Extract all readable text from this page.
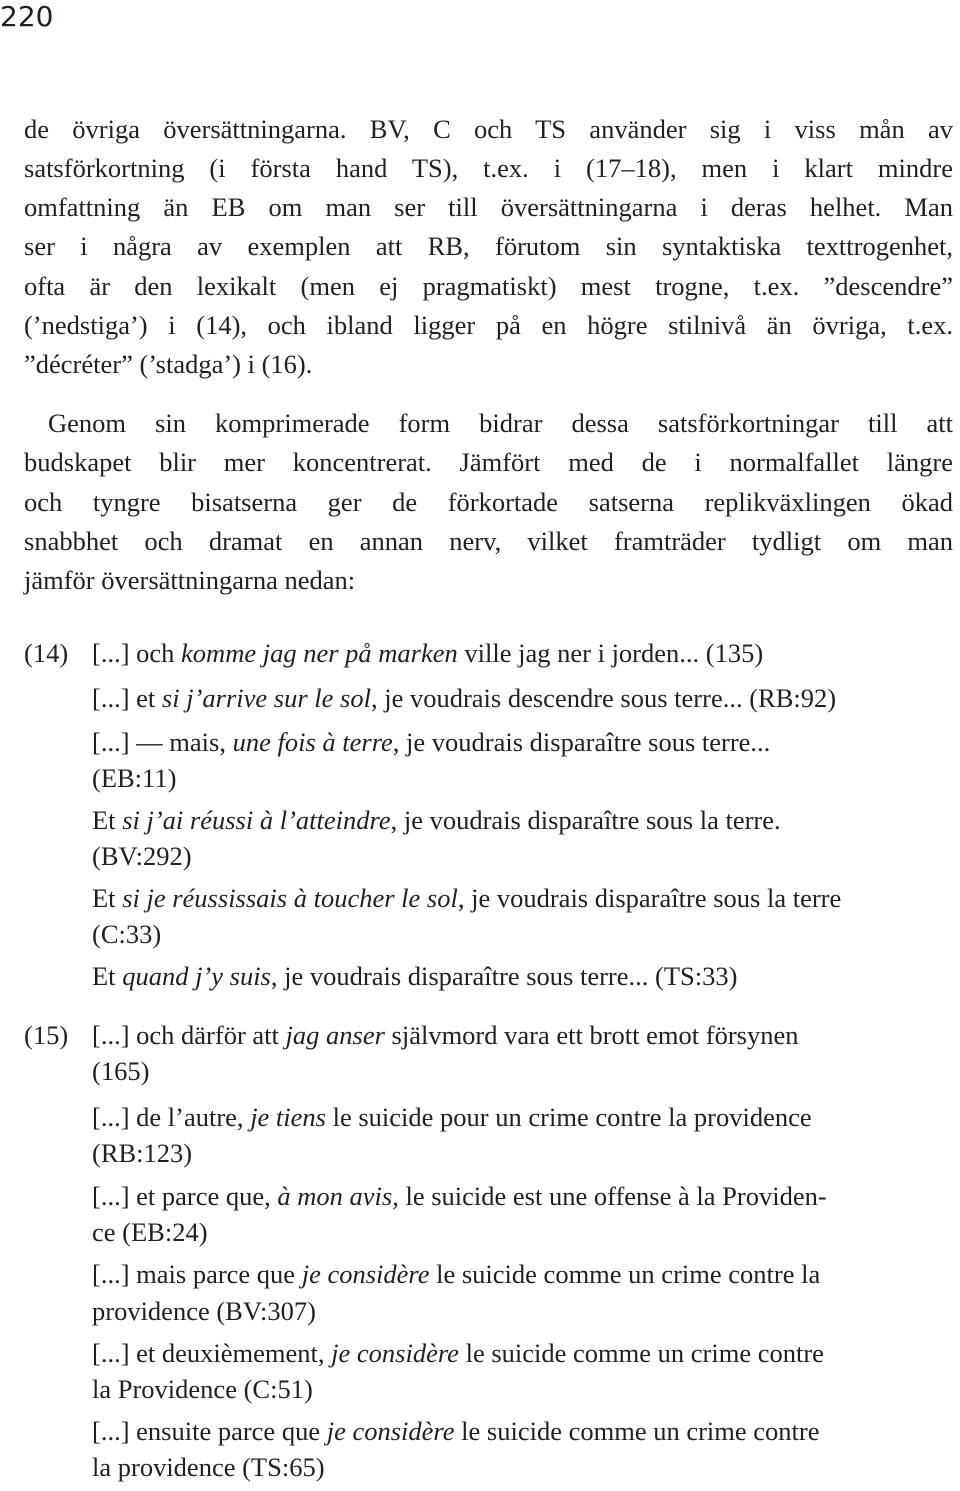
220
de övriga översättningarna. BV, C och TS använder sig i viss mån av
satsförkortning (i första hand TS), t.ex. i (17–18), men i klart mindre
omfattning än EB om man ser till översättningarna i deras helhet. Man
ser i några av exemplen att RB, förutom sin syntaktiska texttrogenhet,
ofta är den lexikalt (men ej pragmatiskt) mest trogne, t.ex. ”descendre”
(’nedstiga’) i (14), och ibland ligger på en högre stilnivå än övriga, t.ex.
”décréter” (’stadga’) i (16).
Genom sin komprimerade form bidrar dessa satsförkortningar till att
budskapet blir mer koncentrerat. Jämfört med de i normalfallet längre
och tyngre bisatserna ger de förkortade satserna replikväxlingen ökad
snabbhet och dramat en annan nerv, vilket framträder tydligt om man
jämför översättningarna nedan:
(14) [...] och komme jag ner på marken ville jag ner i jorden... (135)
[...] et si j’arrive sur le sol, je voudrais descendre sous terre... (RB:92)
[...] — mais, une fois à terre, je voudrais disparaître sous terre...
(EB:11)
Et si j’ai réussi à l’atteindre, je voudrais disparaître sous la terre.
(BV:292)
Et si je réussissais à toucher le sol, je voudrais disparaître sous la terre
(C:33)
Et quand j’y suis, je voudrais disparaître sous terre... (TS:33)
(15) [...] och därför att jag anser självmord vara ett brott emot försynen
(165)
[...] de l’autre, je tiens le suicide pour un crime contre la providence
(RB:123)
[...] et parce que, à mon avis, le suicide est une offense à la Providen-
ce (EB:24)
[...] mais parce que je considère le suicide comme un crime contre la
providence (BV:307)
[...] et deuxièmement, je considère le suicide comme un crime contre
la Providence (C:51)
[...] ensuite parce que je considère le suicide comme un crime contre
la providence (TS:65)
